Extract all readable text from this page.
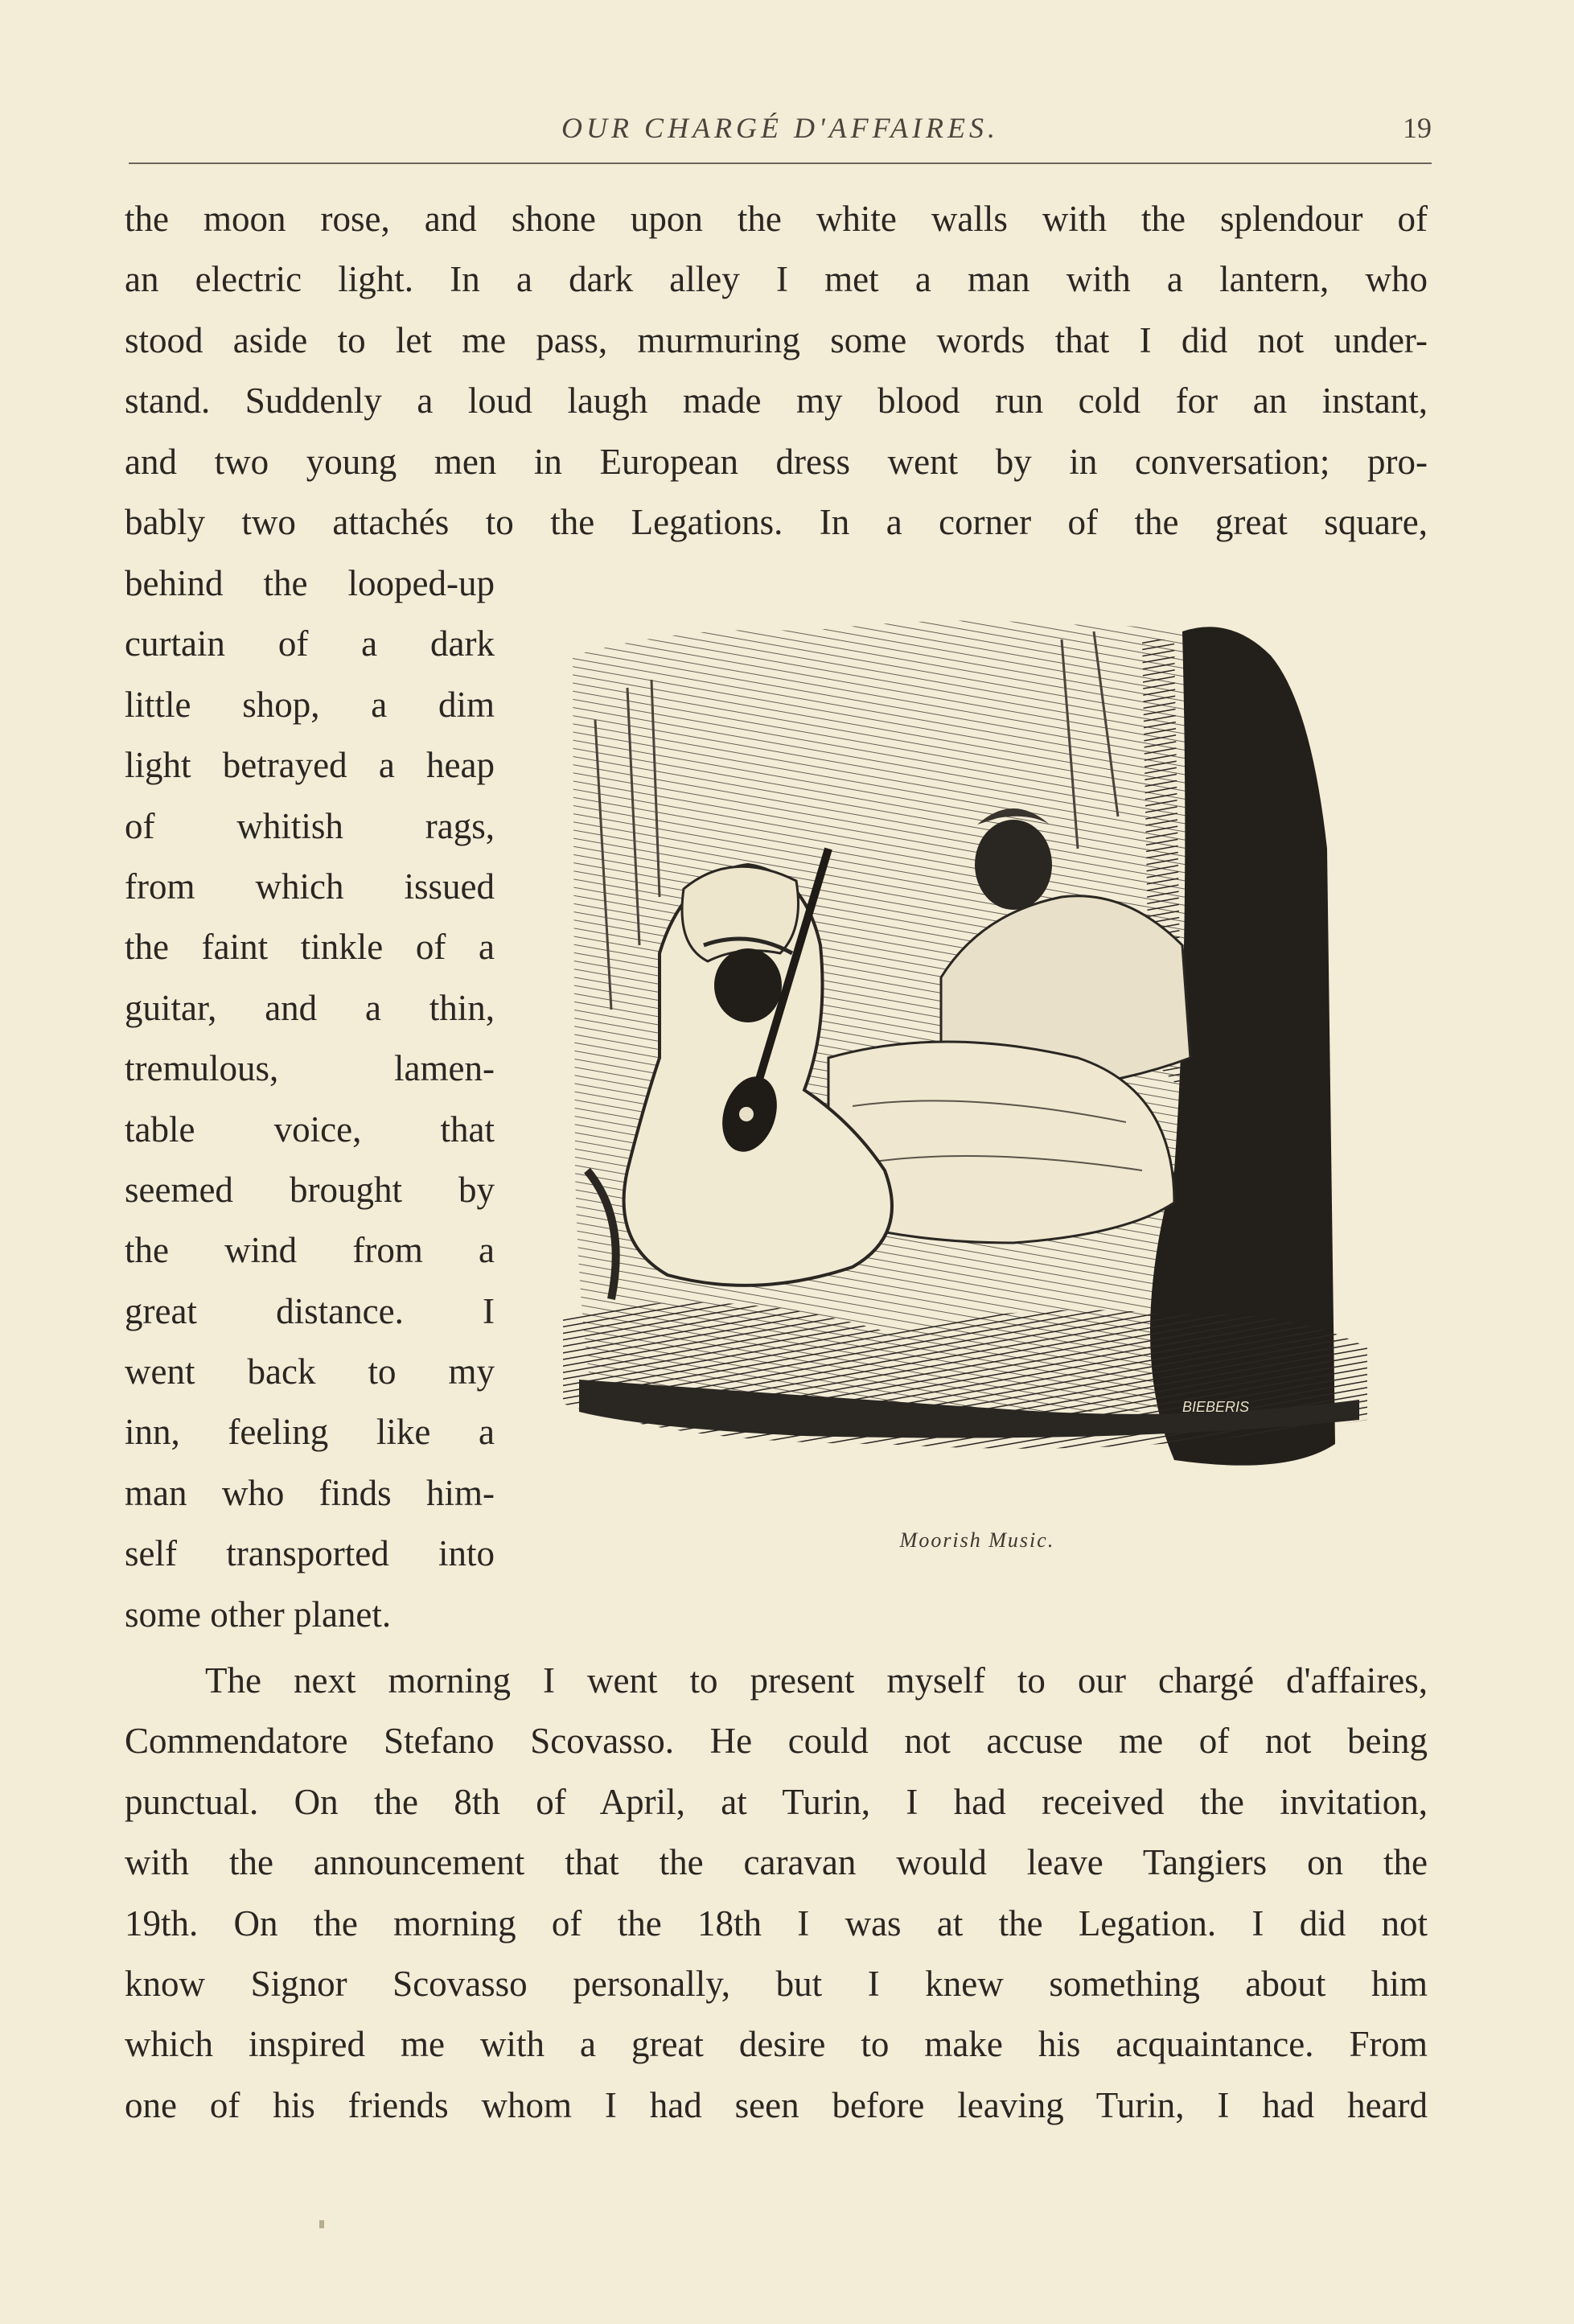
OUR CHARGÉ D'AFFAIRES.	19
the moon rose, and shone upon the white walls with the splendour of
an electric light. In a dark alley I met a man with a lantern, who
stood aside to let me pass, murmuring some words that I did not under-
stand. Suddenly a loud laugh made my blood run cold for an instant,
and two young men in European dress went by in conversation; pro-
bably two attachés to the Legations. In a corner of the great square,
behind the looped-up
curtain of a dark
little shop, a dim
light betrayed a heap
of whitish rags,
from which issued
the faint tinkle of a
guitar, and a thin,
tremulous, lamen-
table voice, that
seemed brought by
the wind from a
great distance. I
went back to my
inn, feeling like a
man who finds him-
self transported into
some other planet.
BIEBERIS
Moorish Music.
The next morning I went to present myself to our chargé d'affaires,
Commendatore Stefano Scovasso. He could not accuse me of not being
punctual. On the 8th of April, at Turin, I had received the invitation,
with the announcement that the caravan would leave Tangiers on the
19th. On the morning of the 18th I was at the Legation. I did not
know Signor Scovasso personally, but I knew something about him
which inspired me with a great desire to make his acquaintance. From
one of his friends whom I had seen before leaving Turin, I had heard
